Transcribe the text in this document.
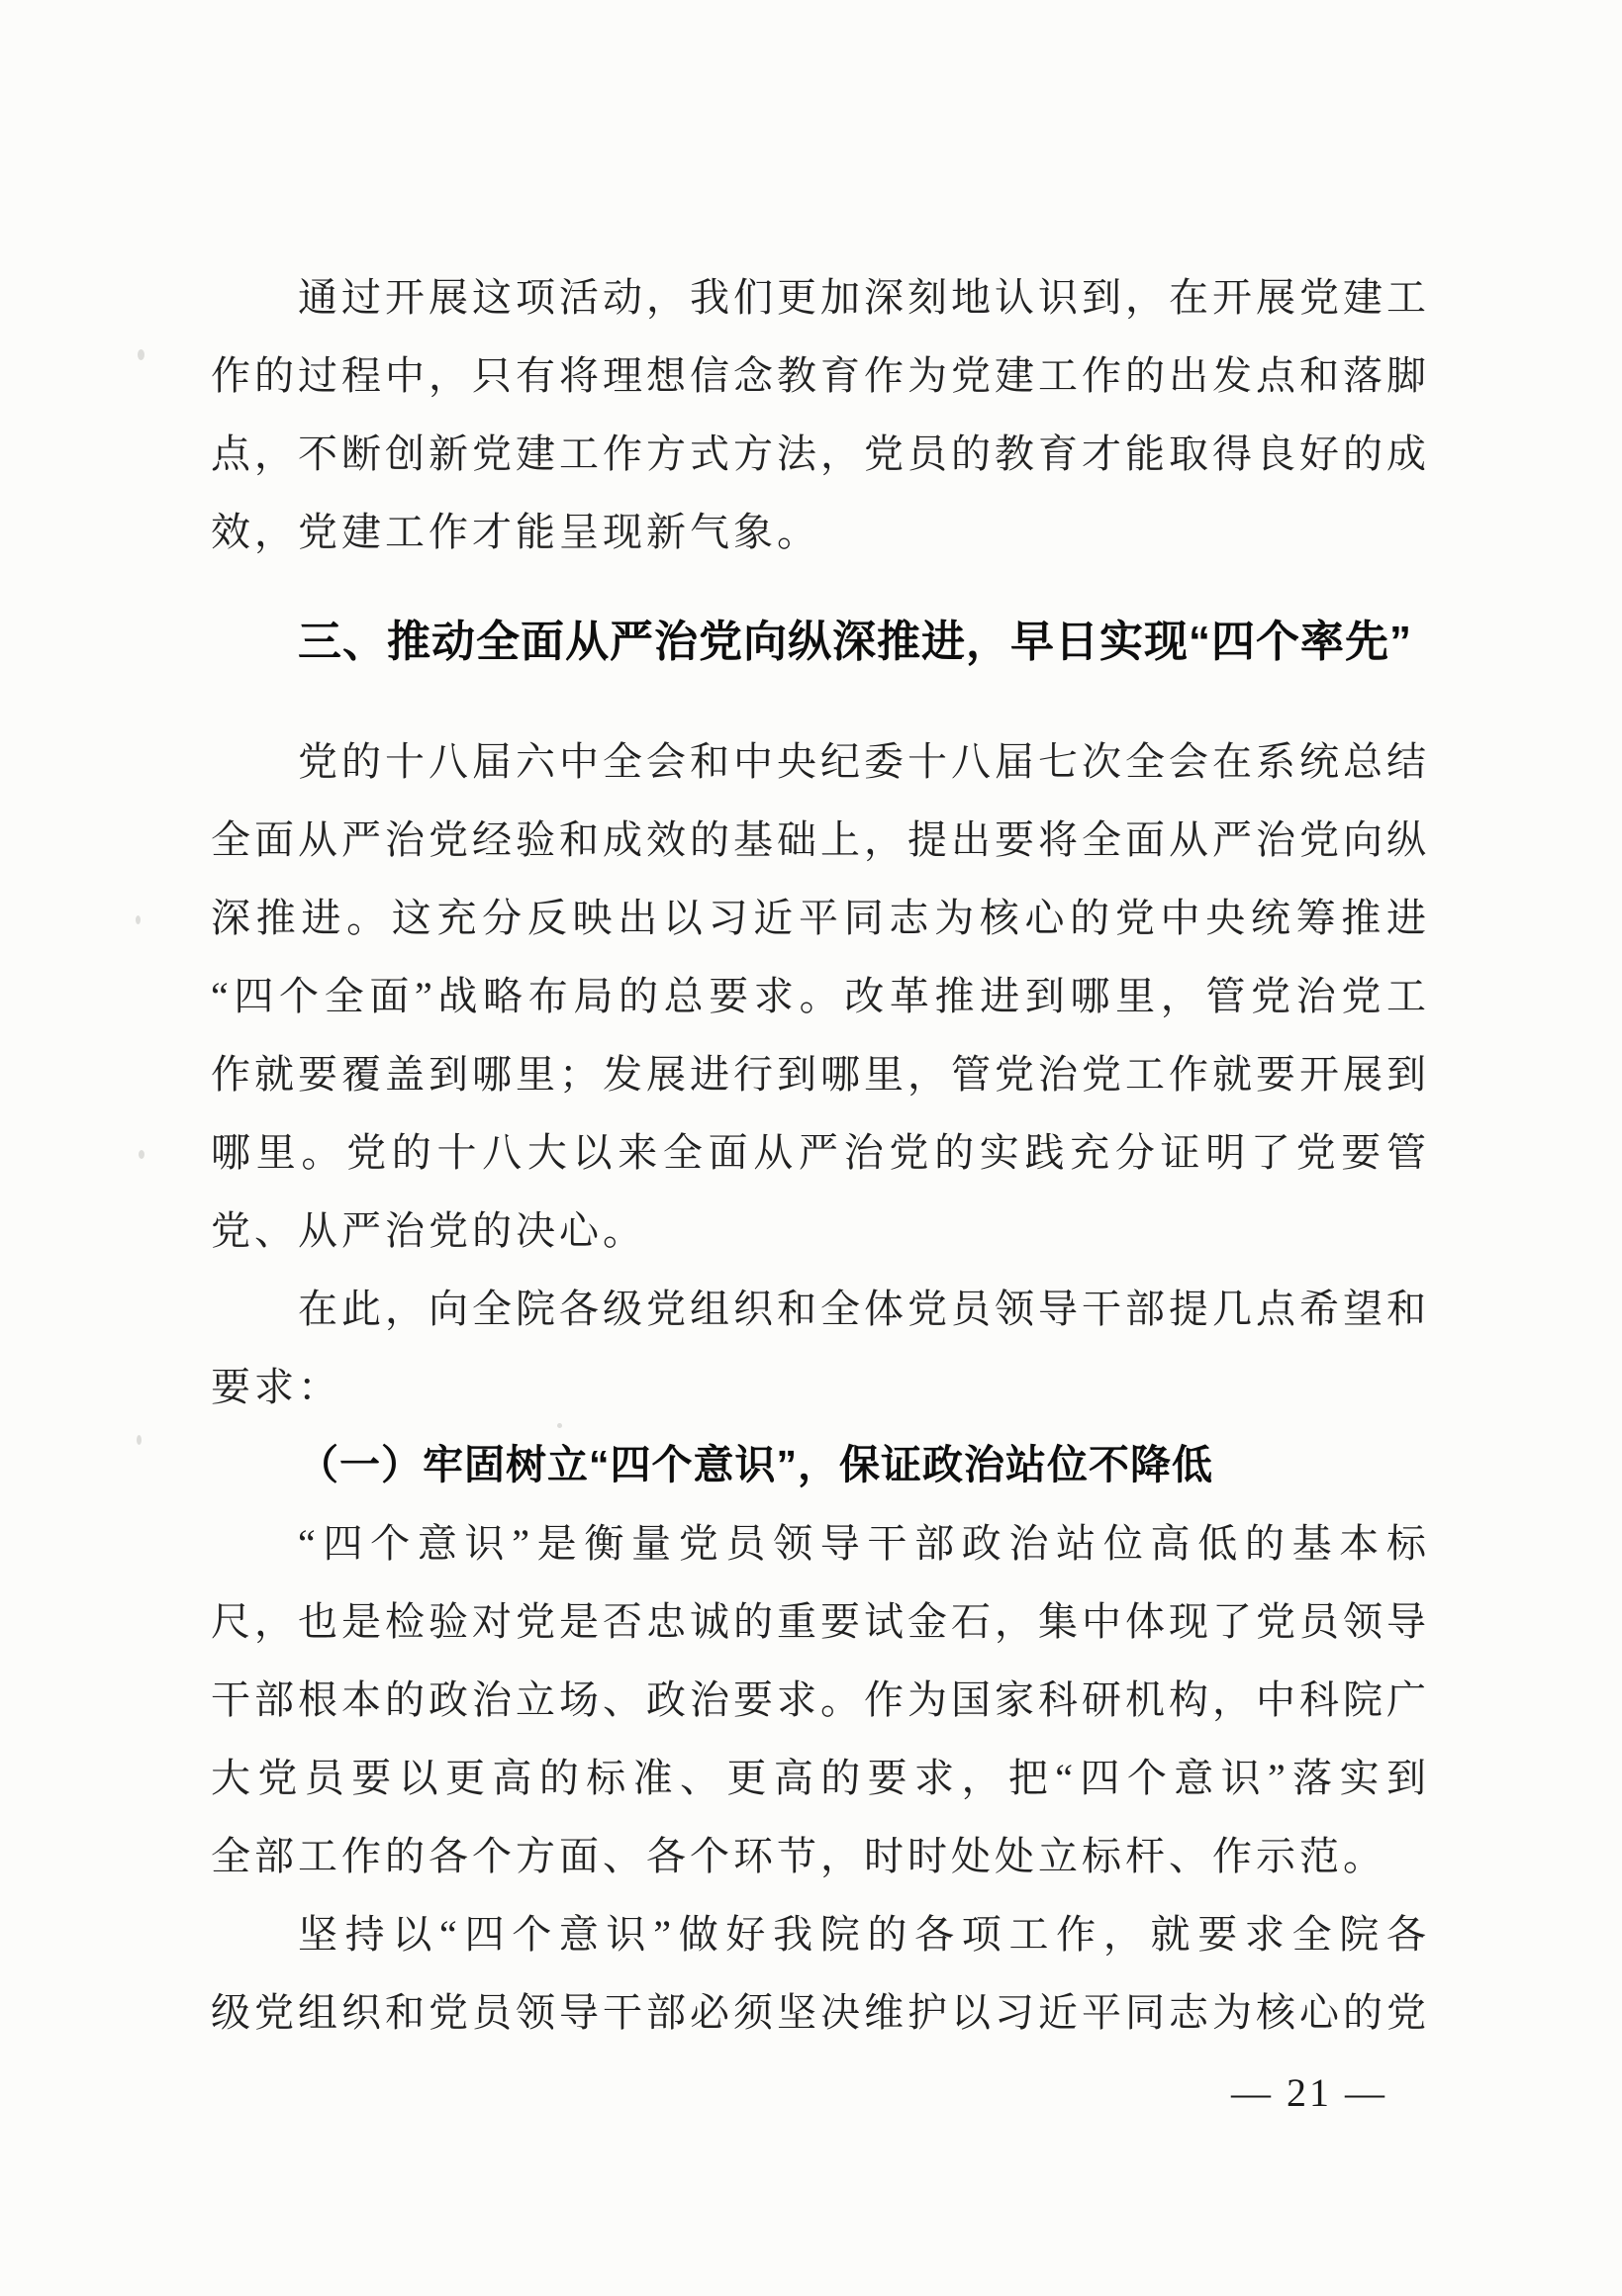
通过开展这项活动，我们更加深刻地认识到，在开展党建工
作的过程中，只有将理想信念教育作为党建工作的出发点和落脚
点，不断创新党建工作方式方法，党员的教育才能取得良好的成
效，党建工作才能呈现新气象。
三、推动全面从严治党向纵深推进，早日实现“四个率先”
党的十八届六中全会和中央纪委十八届七次全会在系统总结
全面从严治党经验和成效的基础上，提出要将全面从严治党向纵
深推进。这充分反映出以习近平同志为核心的党中央统筹推进
“四个全面”战略布局的总要求。改革推进到哪里，管党治党工
作就要覆盖到哪里；发展进行到哪里，管党治党工作就要开展到
哪里。党的十八大以来全面从严治党的实践充分证明了党要管
党、从严治党的决心。
在此，向全院各级党组织和全体党员领导干部提几点希望和
要求：
（一）牢固树立“四个意识”，保证政治站位不降低
“四个意识”是衡量党员领导干部政治站位高低的基本标
尺，也是检验对党是否忠诚的重要试金石，集中体现了党员领导
干部根本的政治立场、政治要求。作为国家科研机构，中科院广
大党员要以更高的标准、更高的要求，把“四个意识”落实到
全部工作的各个方面、各个环节，时时处处立标杆、作示范。
坚持以“四个意识”做好我院的各项工作，就要求全院各
级党组织和党员领导干部必须坚决维护以习近平同志为核心的党
— 21 —
